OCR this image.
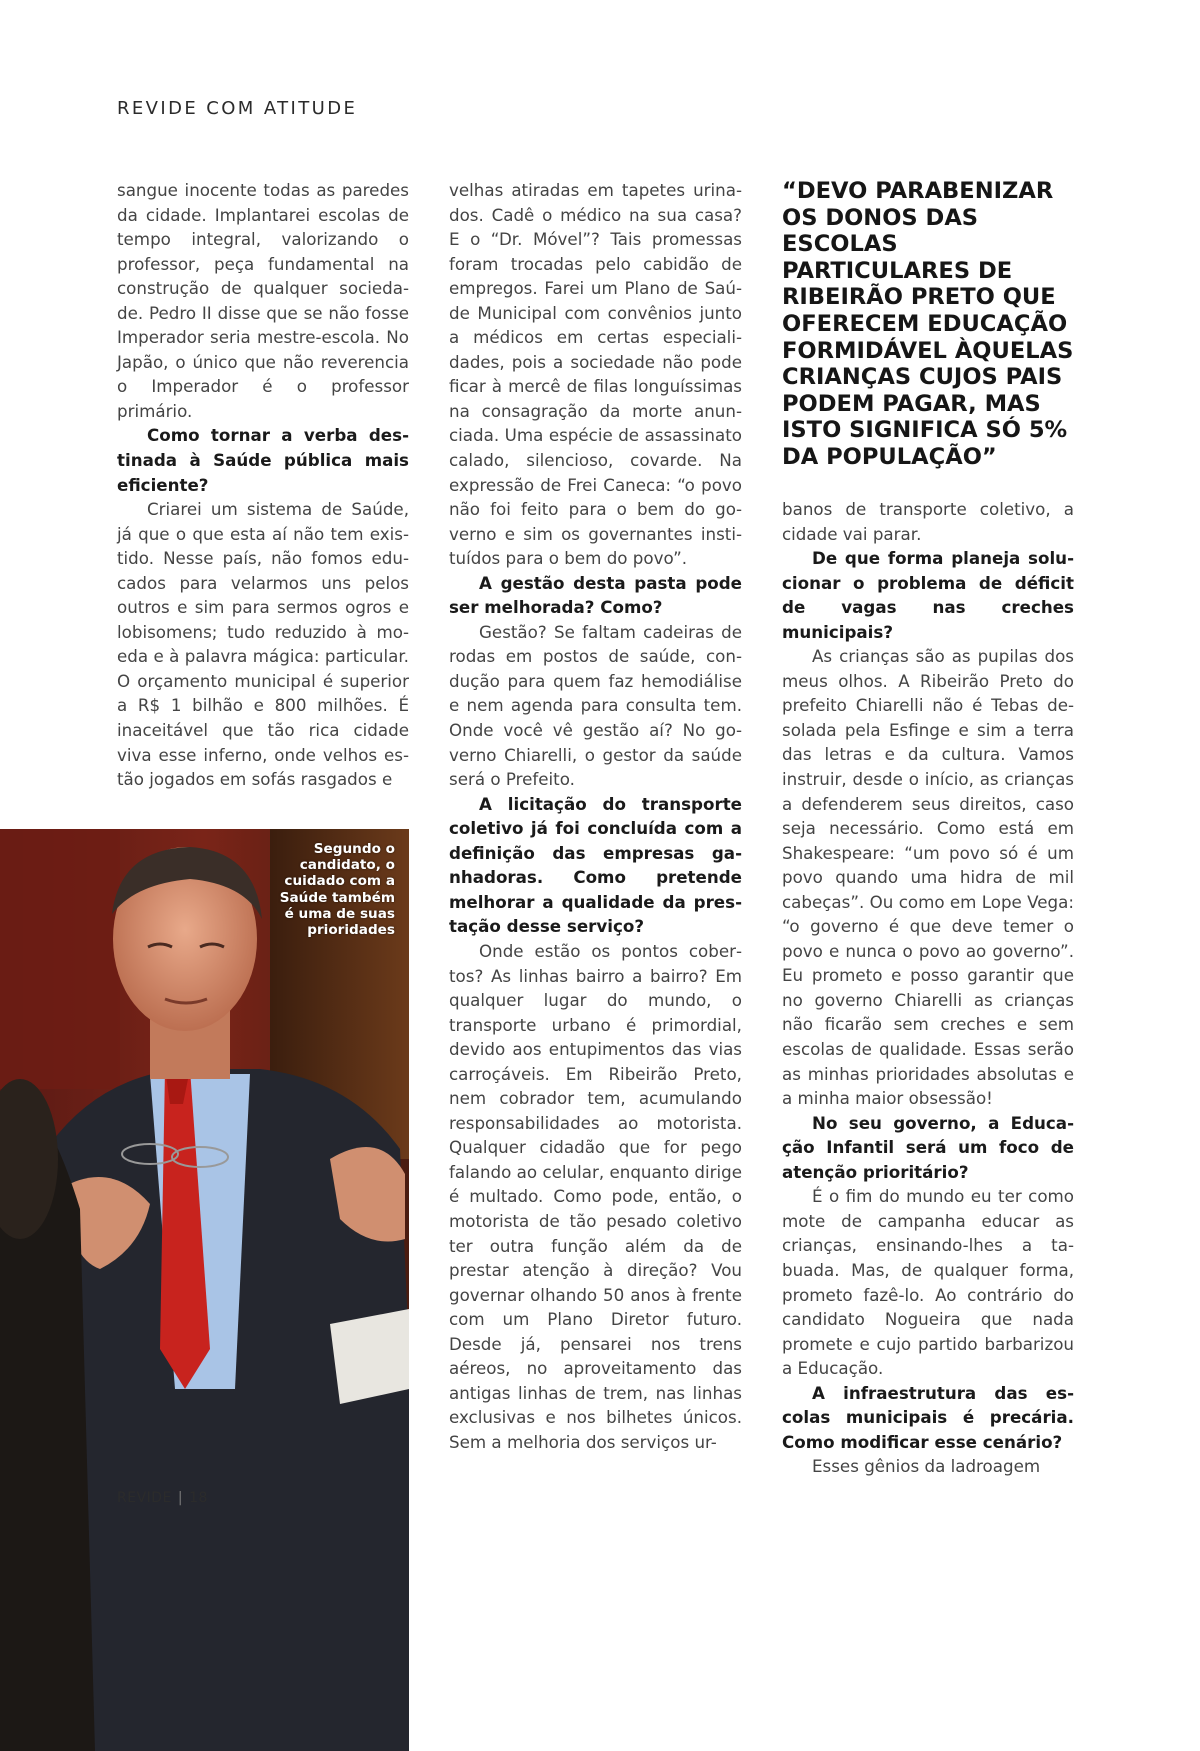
REVIDE COM ATITUDE

sangue inocente todas as paredes da cidade. Implantarei escolas de tempo integral, valorizando o professor, peça fundamental na construção de qualquer sociedade. Pedro II disse que se não fosse Imperador seria mestre-escola. No Japão, o único que não reverencia o Imperador é o professor primário.

Como tornar a verba destinada à Saúde pública mais eficiente?

Criarei um sistema de Saúde, já que o que esta aí não tem existido. Nesse país, não fomos educados para velarmos uns pelos outros e sim para sermos ogros e lobisomens; tudo reduzido à moeda e à palavra mágica: particular. O orçamento municipal é superior a R$ 1 bilhão e 800 milhões. É inaceitável que tão rica cidade viva esse inferno, onde velhos estão jogados em sofás rasgados e

velhas atiradas em tapetes urinados. Cadê o médico na sua casa? E o “Dr. Móvel”? Tais promessas foram trocadas pelo cabidão de empregos. Farei um Plano de Saúde Municipal com convênios junto a médicos em certas especialidades, pois a sociedade não pode ficar à mercê de filas longuíssimas na consagração da morte anunciada. Uma espécie de assassinato calado, silencioso, covarde. Na expressão de Frei Caneca: “o povo não foi feito para o bem do governo e sim os governantes instituídos para o bem do povo”.

A gestão desta pasta pode ser melhorada? Como?

Gestão? Se faltam cadeiras de rodas em postos de saúde, condução para quem faz hemodiálise e nem agenda para consulta tem. Onde você vê gestão aí? No governo Chiarelli, o gestor da saúde será o Prefeito.

A licitação do transporte coletivo já foi concluída com a definição das empresas ganhadoras. Como pretende melhorar a qualidade da prestação desse serviço?

Onde estão os pontos cobertos? As linhas bairro a bairro? Em qualquer lugar do mundo, o transporte urbano é primordial, devido aos entupimentos das vias carroçáveis. Em Ribeirão Preto, nem cobrador tem, acumulando responsabilidades ao motorista. Qualquer cidadão que for pego falando ao celular, enquanto dirige é multado. Como pode, então, o motorista de tão pesado coletivo ter outra função além da de prestar atenção à direção? Vou governar olhando 50 anos à frente com um Plano Diretor futuro. Desde já, pensarei nos trens aéreos, no aproveitamento das antigas linhas de trem, nas linhas exclusivas e nos bilhetes únicos. Sem a melhoria dos serviços ur-

“DEVO PARABENIZAR OS DONOS DAS ESCOLAS PARTICULARES DE RIBEIRÃO PRETO QUE OFERECEM EDUCAÇÃO FORMIDÁVEL ÀQUELAS CRIANÇAS CUJOS PAIS PODEM PAGAR, MAS ISTO SIGNIFICA SÓ 5% DA POPULAÇÃO”

banos de transporte coletivo, a cidade vai parar.

De que forma planeja solucionar o problema de déficit de vagas nas creches municipais?

As crianças são as pupilas dos meus olhos. A Ribeirão Preto do prefeito Chiarelli não é Tebas desolada pela Esfinge e sim a terra das letras e da cultura. Vamos instruir, desde o início, as crianças a defenderem seus direitos, caso seja necessário. Como está em Shakespeare: “um povo só é um povo quando uma hidra de mil cabeças”. Ou como em Lope Vega: “o governo é que deve temer o povo e nunca o povo ao governo”. Eu prometo e posso garantir que no governo Chiarelli as crianças não ficarão sem creches e sem escolas de qualidade. Essas serão as minhas prioridades absolutas e a minha maior obsessão!

No seu governo, a Educação Infantil será um foco de atenção prioritário?

É o fim do mundo eu ter como mote de campanha educar as crianças, ensinando-lhes a tabuada. Mas, de qualquer forma, prometo fazê-lo. Ao contrário do candidato Nogueira que nada promete e cujo partido barbarizou a Educação.

A infraestrutura das escolas municipais é precária. Como modificar esse cenário?

Esses gênios da ladroagem

Segundo o candidato, o cuidado com a Saúde também é uma de suas prioridades
REVIDE | 18
